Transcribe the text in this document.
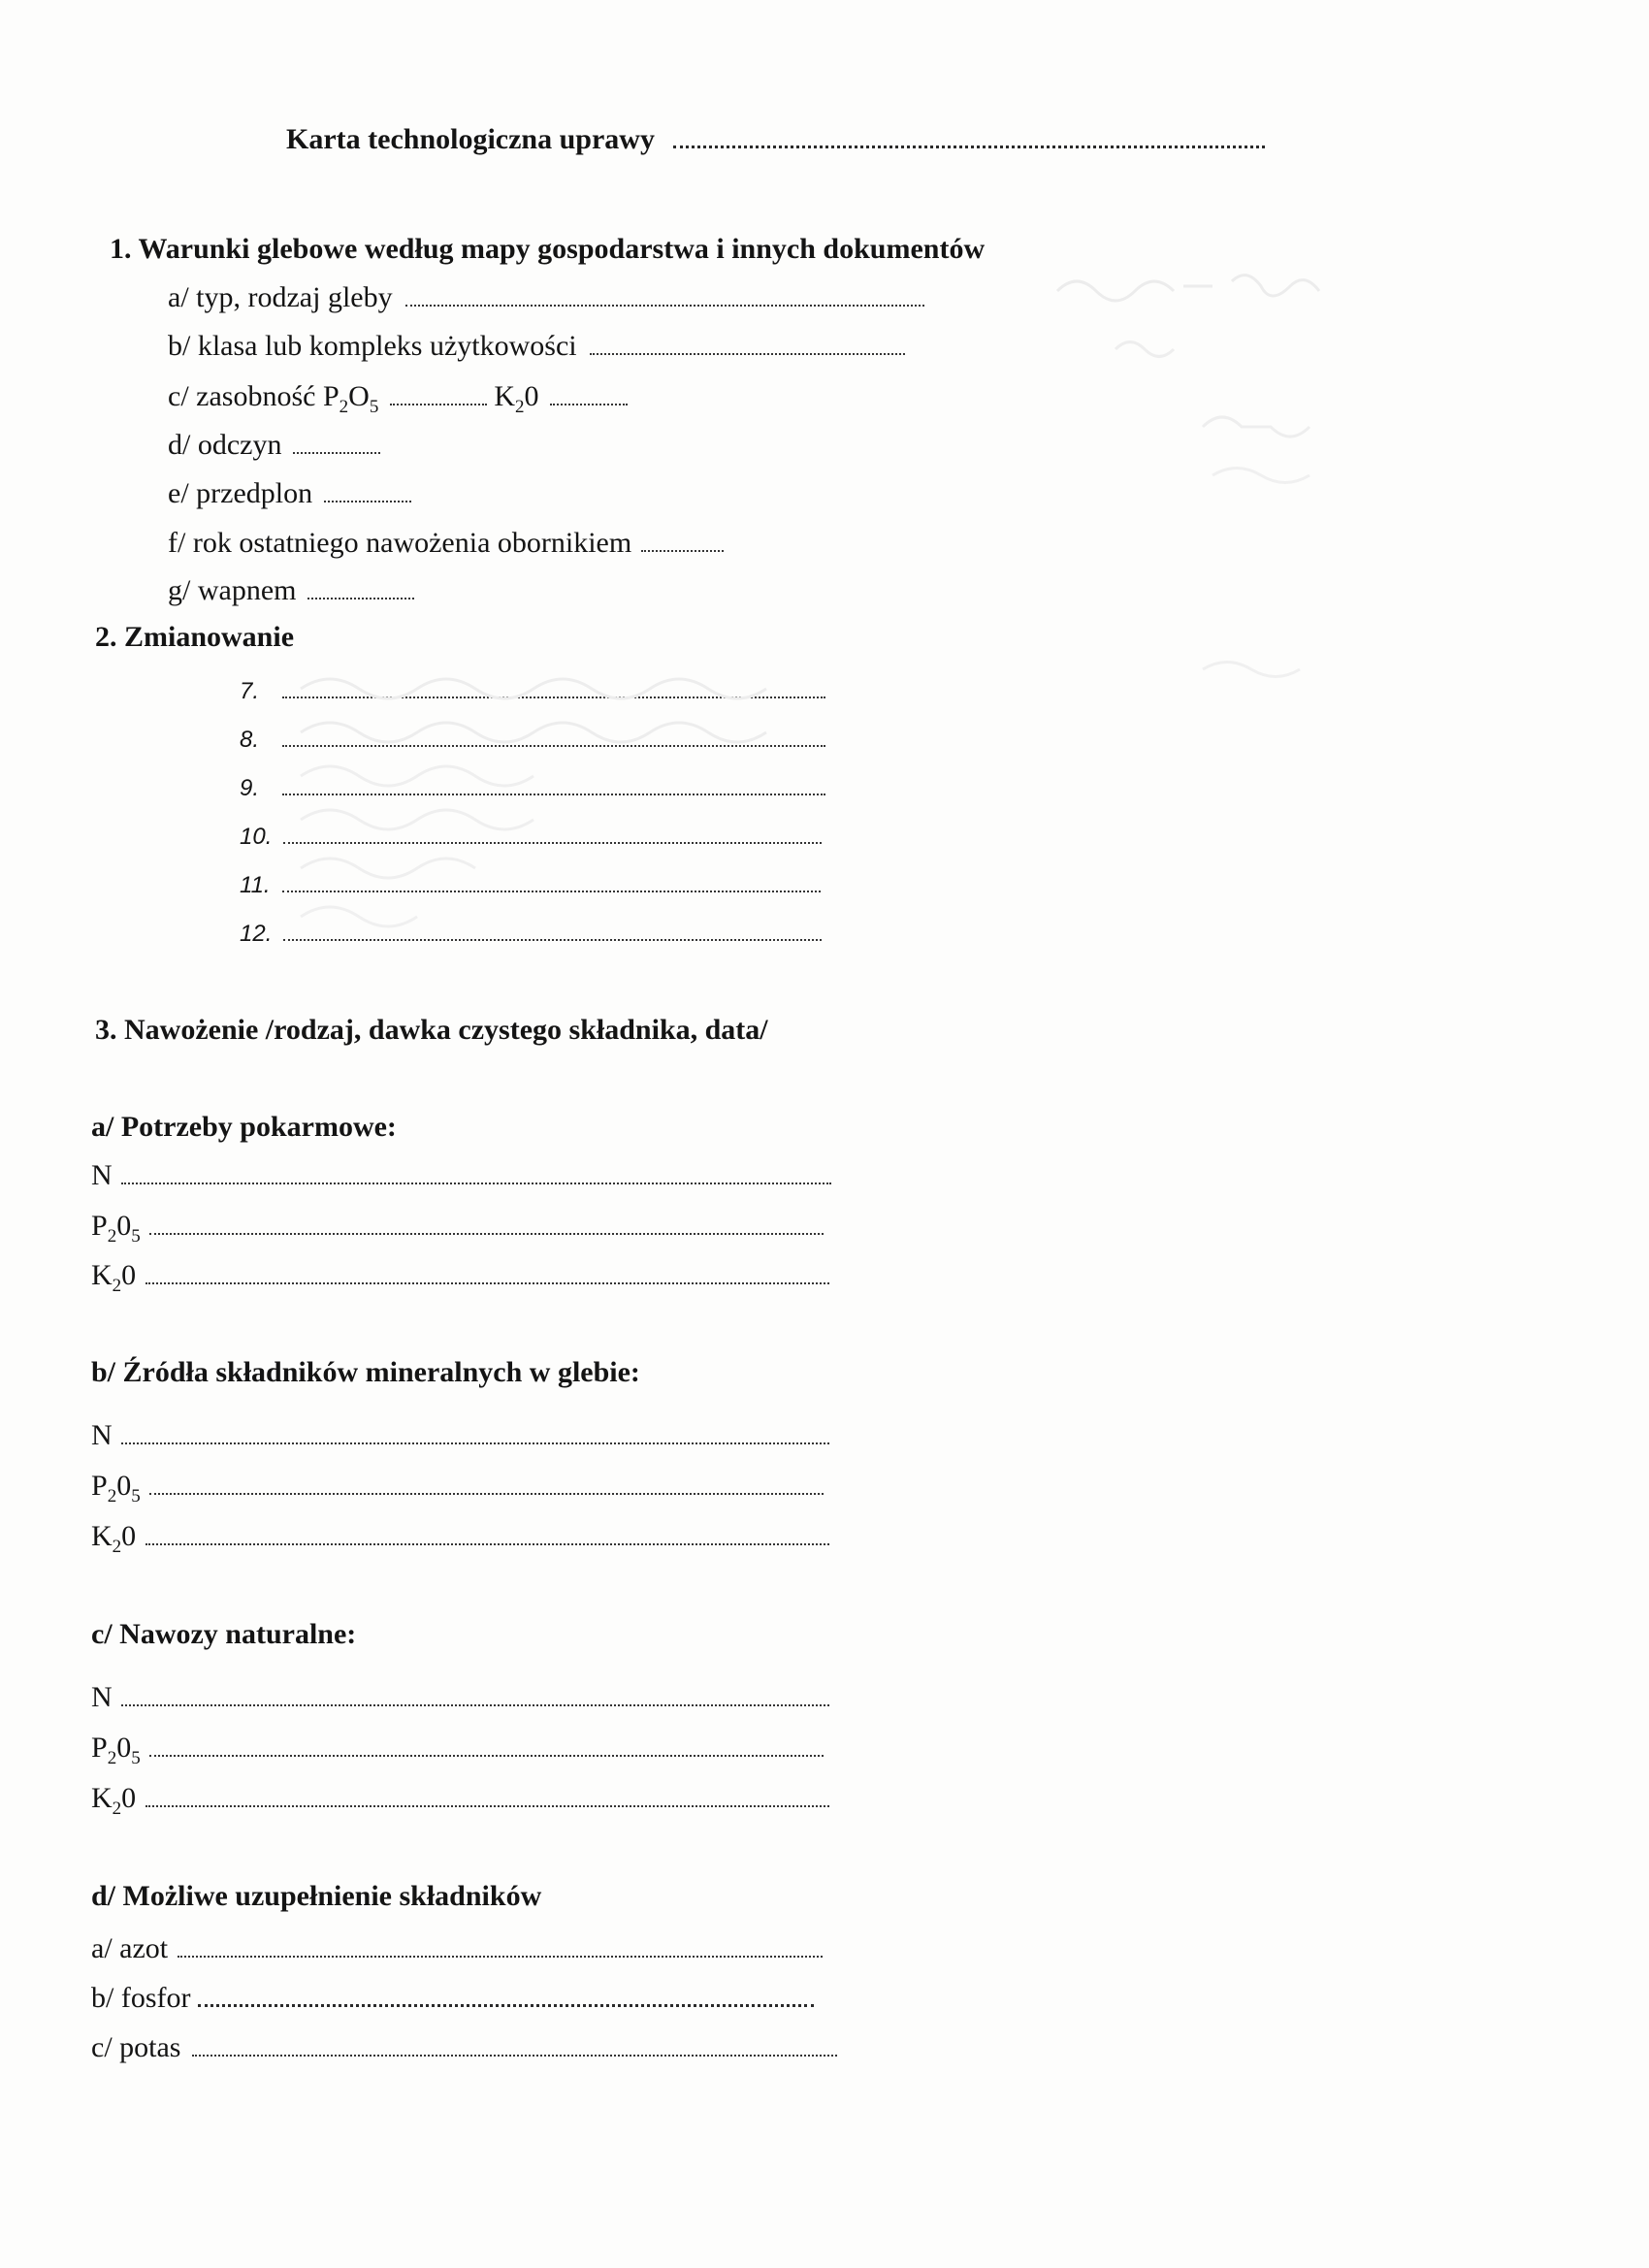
Karta technologiczna uprawy
1. Warunki glebowe według mapy gospodarstwa i innych dokumentów
a/ typ, rodzaj gleby
b/ klasa lub kompleks użytkowości
c/ zasobność $P_2O_5$	$K_20$
d/ odczyn
e/ przedplon
f/ rok ostatniego nawożenia obornikiem
g/ wapnem
2. Zmianowanie
7.
8.
9.
10.
11.
12.
3. Nawożenie /rodzaj, dawka czystego składnika, data/
a/ Potrzeby pokarmowe:
N
$P_20_5$
$K_20$
b/ Źródła składników mineralnych w glebie:
N
$P_20_5$
$K_20$
c/ Nawozy naturalne:
N
$P_20_5$
$K_20$
d/ Możliwe uzupełnienie składników
a/ azot
b/ fosfor
c/ potas
